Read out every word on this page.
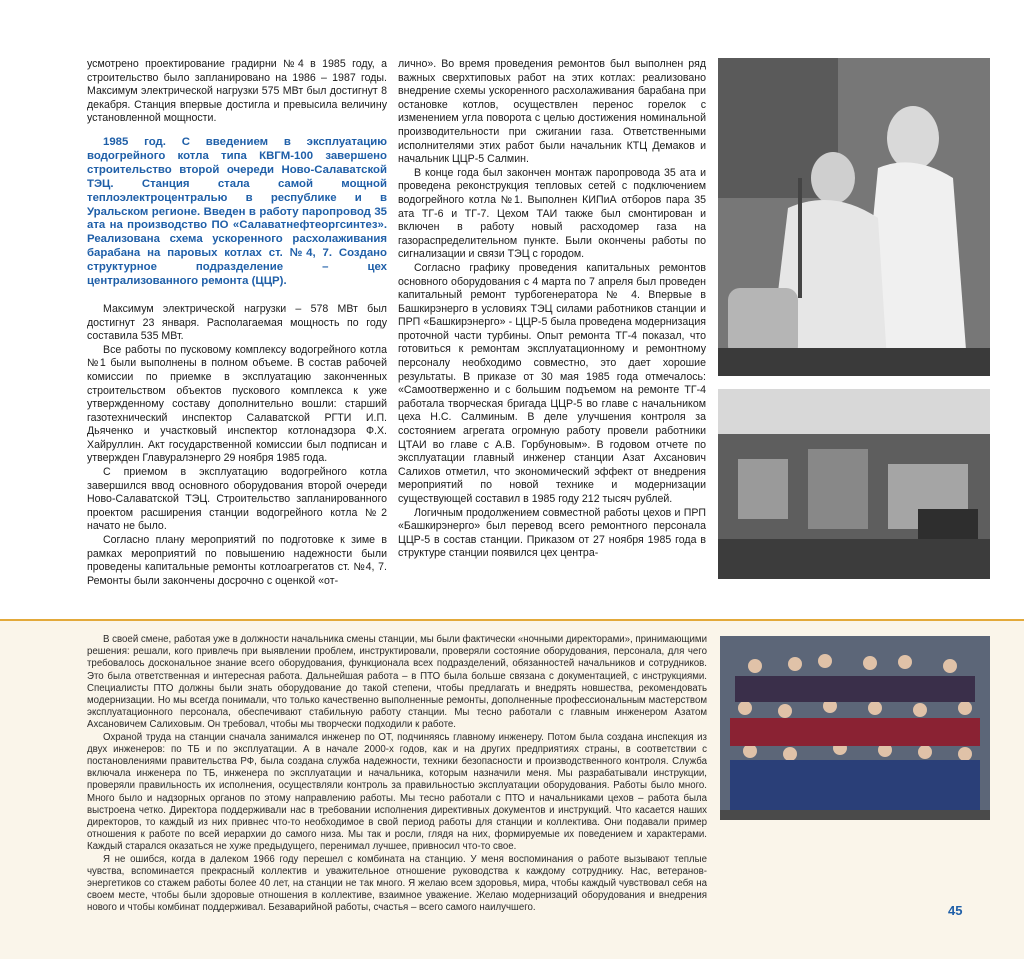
усмотрено проектирование градирни №4 в 1985 году, а строительство было запланировано на 1986 – 1987 годы. Максимум электрической нагрузки 575 МВт был достигнут 8 декабря. Станция впервые достигла и превысила величину установленной мощности.

1985 год. С введением в эксплуатацию водогрейного котла типа КВГМ-100 завершено строительство второй очереди Ново-Салаватской ТЭЦ. Станция стала самой мощной теплоэлектроцентралью в республике и в Уральском регионе. Введен в работу паропровод 35 ата на производство ПО «Салаватнефтеоргсинтез». Реализована схема ускоренного расхолаживания барабана на паровых котлах ст. №4, 7. Создано структурное подразделение – цех централизованного ремонта (ЦЦР).

Максимум электрической нагрузки – 578 МВт был достигнут 23 января. Располагаемая мощность по году составила 535 МВт.

Все работы по пусковому комплексу водогрейного котла №1 были выполнены в полном объеме. В состав рабочей комиссии по приемке в эксплуатацию законченных строительством объектов пускового комплекса к уже утвержденному составу дополнительно вошли: старший газотехнический инспектор Салаватской РГТИ И.П. Дьяченко и участковый инспектор котлонадзора Ф.Х. Хайруллин. Акт государственной комиссии был подписан и утвержден Главуралэнерго 29 ноября 1985 года.

С приемом в эксплуатацию водогрейного котла завершился ввод основного оборудования второй очереди Ново-Салаватской ТЭЦ. Строительство запланированного проектом расширения станции водогрейного котла №2 начато не было.

Согласно плану мероприятий по подготовке к зиме в рамках мероприятий по повышению надежности были проведены капитальные ремонты котлоагрегатов ст. №4, 7. Ремонты были закончены досрочно с оценкой «от-

лично». Во время проведения ремонтов был выполнен ряд важных сверхтиповых работ на этих котлах: реализовано внедрение схемы ускоренного расхолаживания барабана при остановке котлов, осуществлен перенос горелок с изменением угла поворота с целью достижения номинальной производительности при сжигании газа. Ответственными исполнителями этих работ были начальник КТЦ Демаков и начальник ЦЦР-5 Салмин.

В конце года был закончен монтаж паропровода 35 ата и проведена реконструкция тепловых сетей с подключением водогрейного котла №1. Выполнен КИПиА отборов пара 35 ата ТГ-6 и ТГ-7. Цехом ТАИ также был смонтирован и включен в работу новый расходомер газа на газораспределительном пункте. Были окончены работы по сигнализации и связи ТЭЦ с городом.

Согласно графику проведения капитальных ремонтов основного оборудования с 4 марта по 7 апреля был проведен капитальный ремонт турбогенератора № 4. Впервые в Башкирэнерго в условиях ТЭЦ силами работников станции и ПРП «Башкирэнерго» - ЦЦР-5 была проведена модернизация проточной части турбины. Опыт ремонта ТГ-4 показал, что готовиться к ремонтам эксплуатационному и ремонтному персоналу необходимо совместно, это дает хорошие результаты. В приказе от 30 мая 1985 года отмечалось: «Самоотверженно и с большим подъемом на ремонте ТГ-4 работала творческая бригада ЦЦР-5 во главе с начальником цеха Н.С. Салминым. В деле улучшения контроля за состоянием агрегата огромную работу провели работники ЦТАИ во главе с А.В. Горбуновым». В годовом отчете по эксплуатации главный инженер станции Азат Ахсанович Салихов отметил, что экономический эффект от внедрения мероприятий по новой технике и модернизации существующей составил в 1985 году 212 тысяч рублей.

Логичным продолжением совместной работы цехов и ПРП «Башкирэнерго» был перевод всего ремонтного персонала ЦЦР-5 в состав станции. Приказом от 27 ноября 1985 года в структуре станции появился цех центра-

В своей смене, работая уже в должности начальника смены станции, мы были фактически «ночными директорами», принимающими решения: решали, кого привлечь при выявлении проблем, инструктировали, проверяли состояние оборудования, персонала, для чего требовалось доскональное знание всего оборудования, функционала всех подразделений, обязанностей начальников и сотрудников. Это была ответственная и интересная работа. Дальнейшая работа – в ПТО была больше связана с документацией, с инструкциями. Специалисты ПТО должны были знать оборудование до такой степени, чтобы предлагать и внедрять новшества, рекомендовать модернизации. Но мы всегда понимали, что только качественно выполненные ремонты, дополненные профессиональным мастерством эксплуатационного персонала, обеспечивают стабильную работу станции. Мы тесно работали с главным инженером Азатом Ахсановичем Салиховым. Он требовал, чтобы мы творчески подходили к работе.

Охраной труда на станции сначала занимался инженер по ОТ, подчиняясь главному инженеру. Потом была создана инспекция из двух инженеров: по ТБ и по эксплуатации. А в начале 2000-х годов, как и на других предприятиях страны, в соответствии с постановлениями правительства РФ, была создана служба надежности, техники безопасности и производственного контроля. Служба включала инженера по ТБ, инженера по эксплуатации и начальника, которым назначили меня. Мы разрабатывали инструкции, проверяли правильность их исполнения, осуществляли контроль за правильностью эксплуатации оборудования. Работы было много. Много было и надзорных органов по этому направлению работы. Мы тесно работали с ПТО и начальниками цехов – работа была выстроена четко. Директора поддерживали нас в требовании исполнения директивных документов и инструкций. Что касается наших директоров, то каждый из них привнес что-то необходимое в свой период работы для станции и коллектива. Они подавали пример отношения к работе по всей иерархии до самого низа. Мы так и росли, глядя на них, формируемые их поведением и характерами. Каждый старался оказаться не хуже предыдущего, перенимал лучшее, привносил что-то свое.

Я не ошибся, когда в далеком 1966 году перешел с комбината на станцию. У меня воспоминания о работе вызывают теплые чувства, вспоминается прекрасный коллектив и уважительное отношение руководства к каждому сотруднику. Нас, ветеранов-энергетиков со стажем работы более 40 лет, на станции не так много. Я желаю всем здоровья, мира, чтобы каждый чувствовал себя на своем месте, чтобы были здоровые отношения в коллективе, взаимное уважение. Желаю модернизаций оборудования и внедрения нового и чтобы комбинат поддерживал. Безаварийной работы, счастья – всего самого наилучшего.	45
